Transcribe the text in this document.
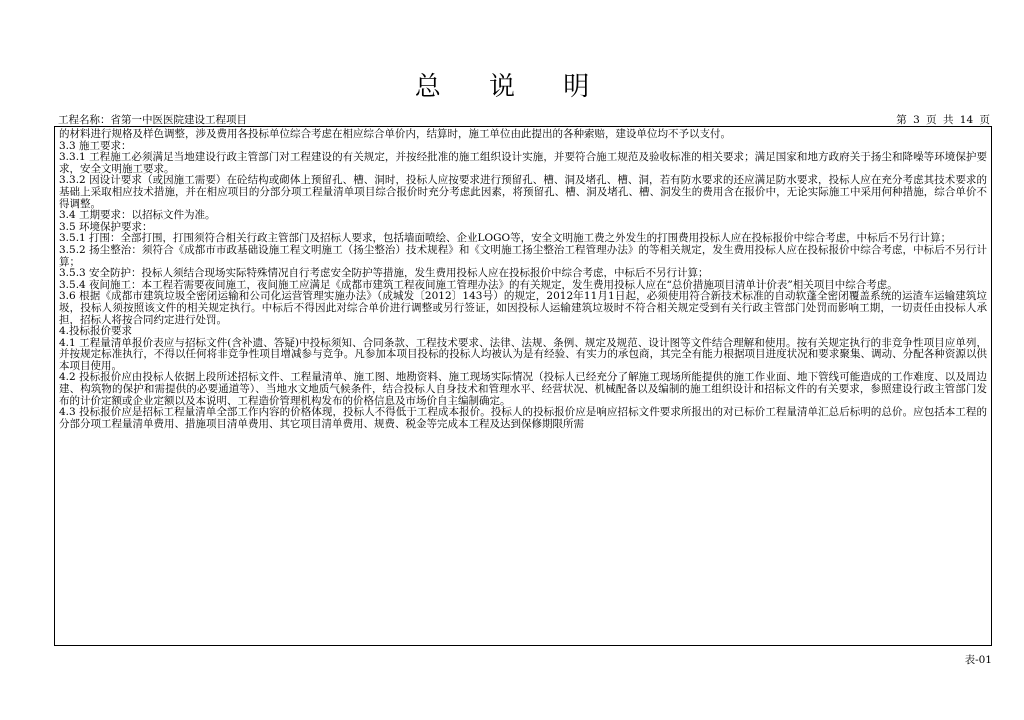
总 说 明
工程名称：省第一中医医院建设工程项目	第 3 页 共 14 页

的材料进行规格及样色调整，涉及费用各投标单位综合考虑在相应综合单价内，结算时，施工单位由此提出的各种索赔，建设单位均不予以支付。

3.3 施工要求：

3.3.1 工程施工必须满足当地建设行政主管部门对工程建设的有关规定，并按经批准的施工组织设计实施，并要符合施工规范及验收标准的相关要求；满足国家和地方政府关于扬尘和降噪等环境保护要求，安全文明施工要求。

3.3.2 因设计要求（或因施工需要）在砼结构或砌体上预留孔、槽、洞时，投标人应按要求进行预留孔、槽、洞及堵孔、槽、洞，若有防水要求的还应满足防水要求，投标人应在充分考虑其技术要求的基础上采取相应技术措施，并在相应项目的分部分项工程量清单项目综合报价时充分考虑此因素，将预留孔、槽、洞及堵孔、槽、洞发生的费用含在报价中，无论实际施工中采用何种措施，综合单价不得调整。

3.4 工期要求：以招标文件为准。

3.5 环境保护要求：

3.5.1 打围：全部打围，打围须符合相关行政主管部门及招标人要求，包括墙面喷绘、企业LOGO等，安全文明施工费之外发生的打围费用投标人应在投标报价中综合考虑，中标后不另行计算；

3.5.2 扬尘整治：须符合《成都市市政基础设施工程文明施工（扬尘整治）技术规程》和《文明施工扬尘整治工程管理办法》的等相关规定，发生费用投标人应在投标报价中综合考虑，中标后不另行计算；

3.5.3 安全防护：投标人须结合现场实际特殊情况自行考虑安全防护等措施，发生费用投标人应在投标报价中综合考虑，中标后不另行计算；

3.5.4 夜间施工：本工程若需要夜间施工，夜间施工应满足《成都市建筑工程夜间施工管理办法》的有关规定，发生费用投标人应在“总价措施项目清单计价表”相关项目中综合考虑。

3.6 根据《成都市建筑垃圾全密闭运输和公司化运营管理实施办法》（成城发〔2012〕143号）的规定，2012年11月1日起，必须使用符合新技术标准的自动软蓬全密闭覆盖系统的运渣车运输建筑垃圾，投标人须按照该文件的相关规定执行。中标后不得因此对综合单价进行调整或另行签证，如因投标人运输建筑垃圾时不符合相关规定受到有关行政主管部门处罚而影响工期，一切责任由投标人承担，招标人将按合同约定进行处罚。

4.投标报价要求

4.1 工程量清单报价表应与招标文件(含补遗、答疑)中投标须知、合同条款、工程技术要求、法律、法规、条例、规定及规范、设计图等文件结合理解和使用。按有关规定执行的非竞争性项目应单列，并按规定标准执行，不得以任何将非竞争性项目增减参与竞争。凡参加本项目投标的投标人均被认为是有经验、有实力的承包商，其完全有能力根据项目进度状况和要求聚集、调动、分配各种资源以供本项目使用。

4.2 投标报价应由投标人依据上段所述招标文件、工程量清单、施工图、地勘资料、施工现场实际情况（投标人已经充分了解施工现场所能提供的施工作业面、地下管线可能造成的工作难度、以及周边建、构筑物的保护和需提供的必要通道等）、当地水文地质气候条件，结合投标人自身技术和管理水平、经营状况、机械配备以及编制的施工组织设计和招标文件的有关要求，参照建设行政主管部门发布的计价定额或企业定额以及本说明、工程造价管理机构发布的价格信息及市场价自主编制确定。

4.3 投标报价应是招标工程量清单全部工作内容的价格体现，投标人不得低于工程成本报价。投标人的投标报价应是响应招标文件要求所报出的对已标价工程量清单汇总后标明的总价。应包括本工程的分部分项工程量清单费用、措施项目清单费用、其它项目清单费用、规费、税金等完成本工程及达到保修期限所需

表-01
